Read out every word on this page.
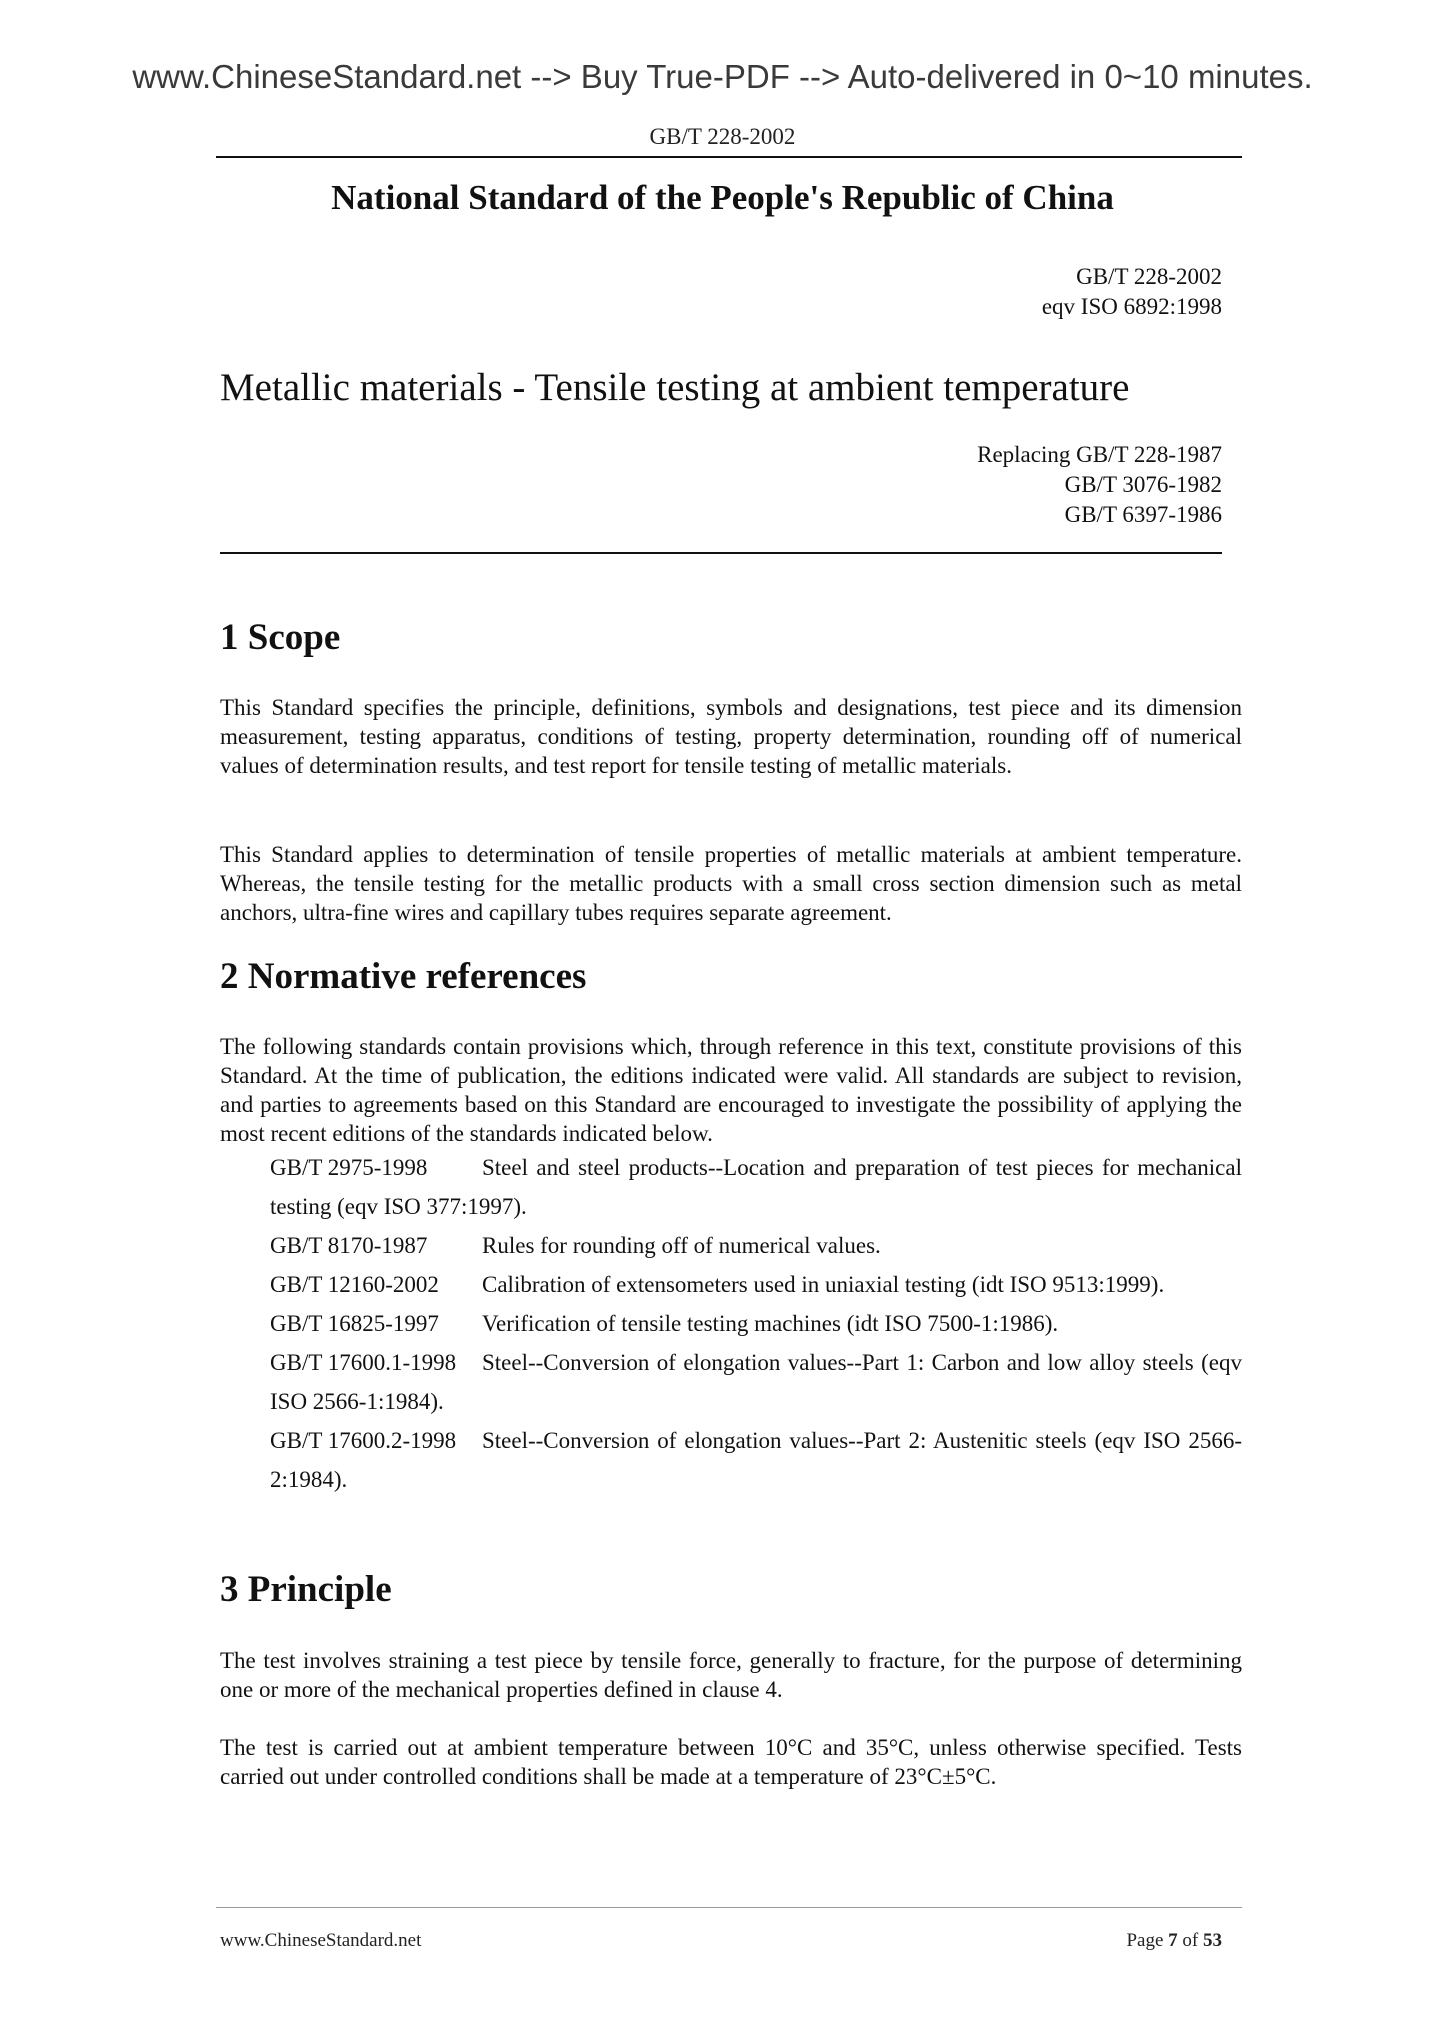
www.ChineseStandard.net --> Buy True-PDF --> Auto-delivered in 0~10 minutes.
GB/T 228-2002
National Standard of the People's Republic of China
GB/T 228-2002
eqv ISO 6892:1998
Metallic materials - Tensile testing at ambient temperature
Replacing GB/T 228-1987
GB/T 3076-1982
GB/T 6397-1986
1 Scope

This Standard specifies the principle, definitions, symbols and designations, test piece and its dimension measurement, testing apparatus, conditions of testing, property determination, rounding off of numerical values of determination results, and test report for tensile testing of metallic materials.

This Standard applies to determination of tensile properties of metallic materials at ambient temperature. Whereas, the tensile testing for the metallic products with a small cross section dimension such as metal anchors, ultra-fine wires and capillary tubes requires separate agreement.

2 Normative references

The following standards contain provisions which, through reference in this text, constitute provisions of this Standard. At the time of publication, the editions indicated were valid. All standards are subject to revision, and parties to agreements based on this Standard are encouraged to investigate the possibility of applying the most recent editions of the standards indicated below.

GB/T 2975-1998 Steel and steel products--Location and preparation of test pieces for mechanical testing (eqv ISO 377:1997).

GB/T 8170-1987 Rules for rounding off of numerical values.

GB/T 12160-2002 Calibration of extensometers used in uniaxial testing (idt ISO 9513:1999).

GB/T 16825-1997 Verification of tensile testing machines (idt ISO 7500-1:1986).

GB/T 17600.1-1998 Steel--Conversion of elongation values--Part 1: Carbon and low alloy steels (eqv ISO 2566-1:1984).

GB/T 17600.2-1998 Steel--Conversion of elongation values--Part 2: Austenitic steels (eqv ISO 2566-2:1984).

3 Principle

The test involves straining a test piece by tensile force, generally to fracture, for the purpose of determining one or more of the mechanical properties defined in clause 4.

The test is carried out at ambient temperature between 10°C and 35°C, unless otherwise specified. Tests carried out under controlled conditions shall be made at a temperature of 23°C±5°C.

www.ChineseStandard.net	Page 7 of 53
